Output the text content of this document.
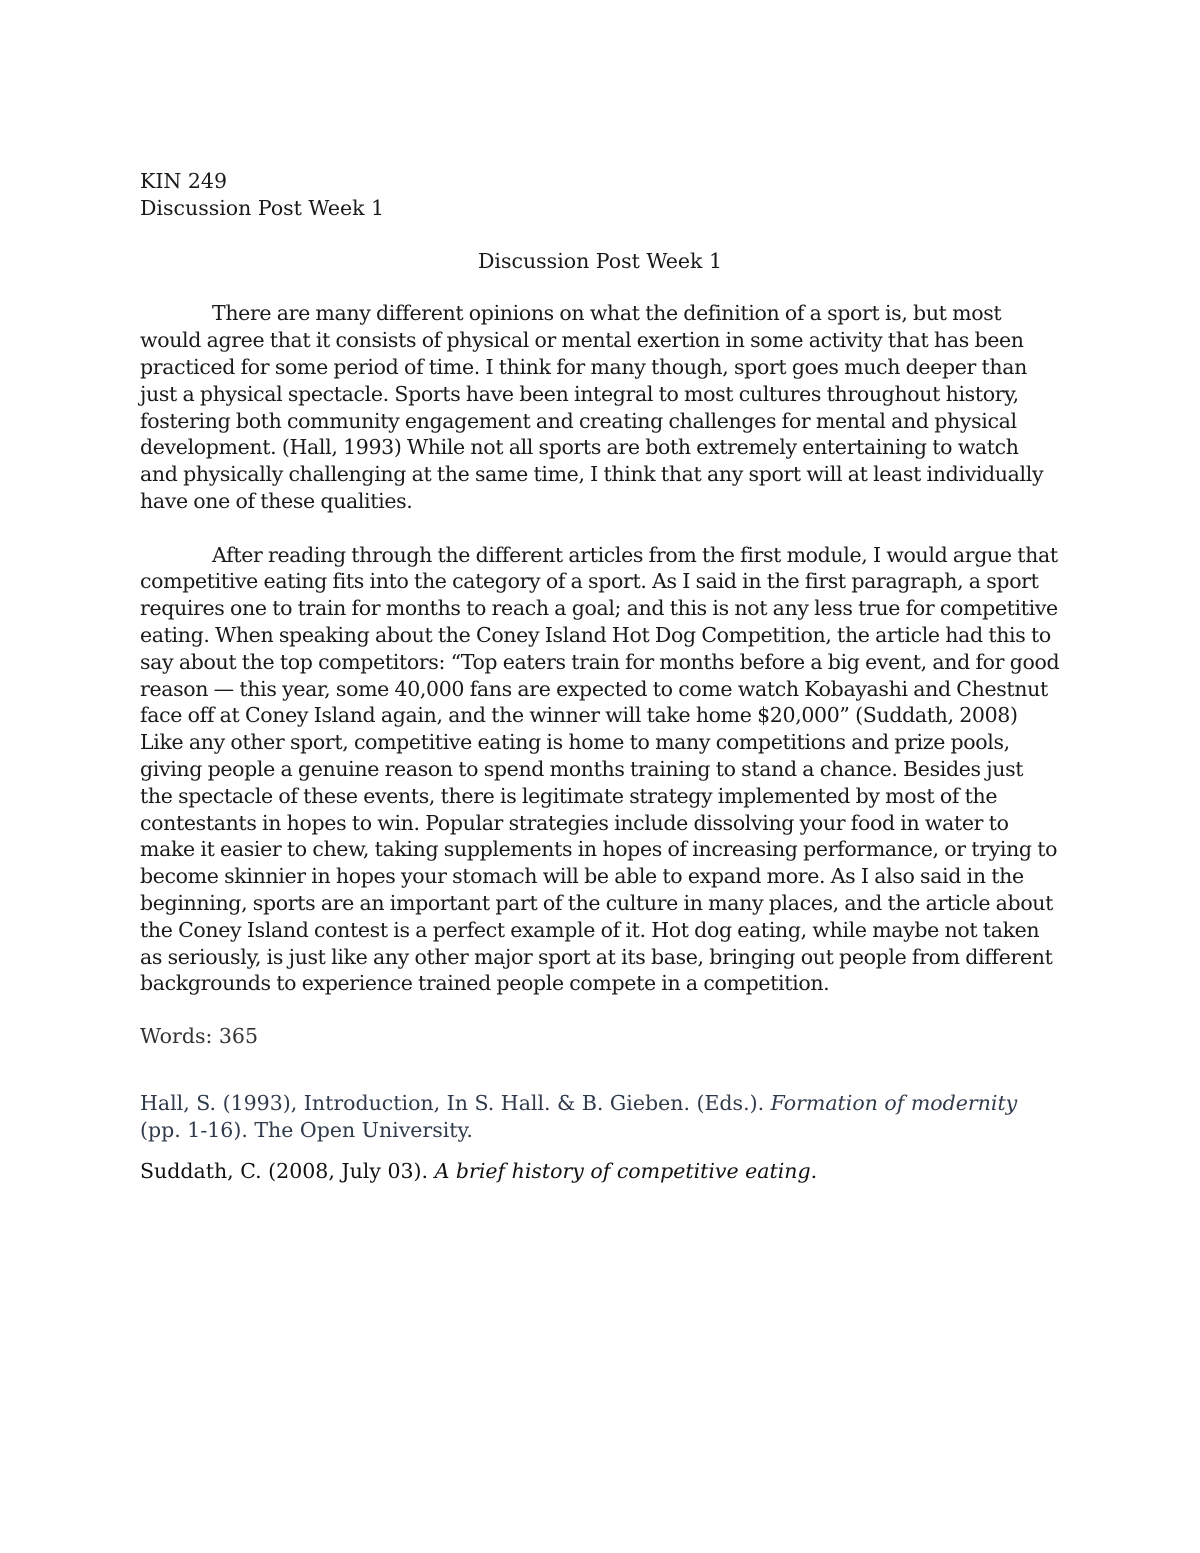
KIN 249
Discussion Post Week 1
Discussion Post Week 1

There are many different opinions on what the definition of a sport is, but most would agree that it consists of physical or mental exertion in some activity that has been practiced for some period of time. I think for many though, sport goes much deeper than just a physical spectacle. Sports have been integral to most cultures throughout history, fostering both community engagement and creating challenges for mental and physical development. (Hall, 1993) While not all sports are both extremely entertaining to watch and physically challenging at the same time, I think that any sport will at least individually have one of these qualities.

After reading through the different articles from the first module, I would argue that competitive eating fits into the category of a sport. As I said in the first paragraph, a sport requires one to train for months to reach a goal; and this is not any less true for competitive eating. When speaking about the Coney Island Hot Dog Competition, the article had this to say about the top competitors: “Top eaters train for months before a big event, and for good reason — this year, some 40,000 fans are expected to come watch Kobayashi and Chestnut face off at Coney Island again, and the winner will take home $20,000” (Suddath, 2008) Like any other sport, competitive eating is home to many competitions and prize pools, giving people a genuine reason to spend months training to stand a chance. Besides just the spectacle of these events, there is legitimate strategy implemented by most of the contestants in hopes to win. Popular strategies include dissolving your food in water to make it easier to chew, taking supplements in hopes of increasing performance, or trying to become skinnier in hopes your stomach will be able to expand more. As I also said in the beginning, sports are an important part of the culture in many places, and the article about the Coney Island contest is a perfect example of it. Hot dog eating, while maybe not taken as seriously, is just like any other major sport at its base, bringing out people from different backgrounds to experience trained people compete in a competition.

Words: 365

Hall, S. (1993), Introduction, In S. Hall. & B. Gieben. (Eds.). Formation of modernity (pp. 1-16). The Open University.

Suddath, C. (2008, July 03). A brief history of competitive eating.
